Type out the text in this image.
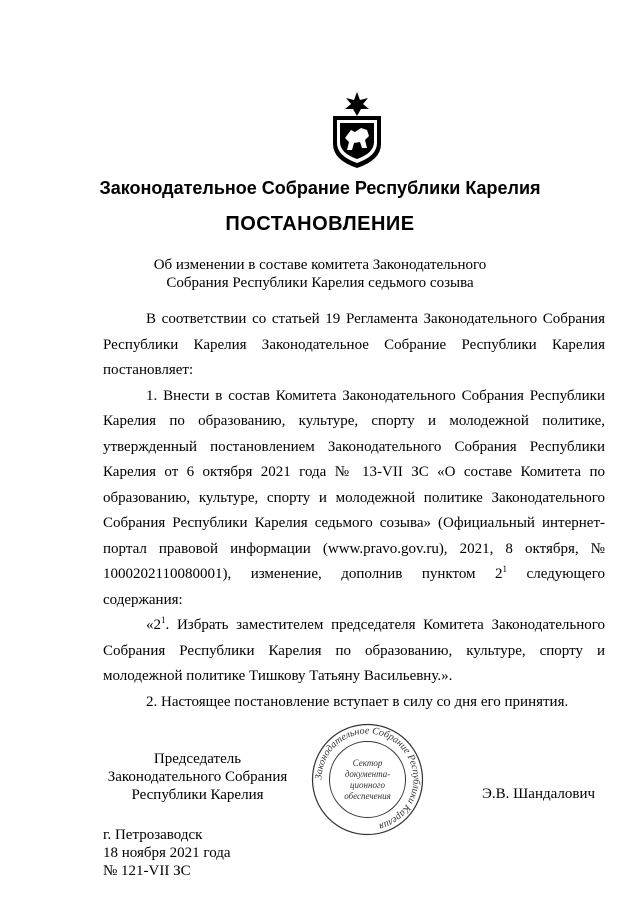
Законодательное Собрание Республики Карелия
ПОСТАНОВЛЕНИЕ
Об изменении в составе комитета Законодательного
Собрания Республики Карелия седьмого созыва

В соответствии со статьей 19 Регламента Законодательного Собрания Республики Карелия Законодательное Собрание Республики Карелия постановляет:

1. Внести в состав Комитета Законодательного Собрания Республики Карелия по образованию, культуре, спорту и молодежной политике, утвержденный постановлением Законодательного Собрания Республики Карелия от 6 октября 2021 года № 13-VII ЗС «О составе Комитета по образованию, культуре, спорту и молодежной политике Законодательного Собрания Республики Карелия седьмого созыва» (Официальный интернет-портал правовой информации (www.pravo.gov.ru), 2021, 8 октября, № 1000202110080001), изменение, дополнив пунктом $2^1$ следующего содержания:

«$2^1$. Избрать заместителем председателя Комитета Законодательного Собрания Республики Карелия по образованию, культуре, спорту и молодежной политике Тишкову Татьяну Васильевну.».

2. Настоящее постановление вступает в силу со дня его принятия.

Председатель
Законодательного Собрания
Республики Карелия
Законодательное Собрание Республики Карелия
Сектор
документа-
ционного
обеспечения	Э.В. Шандалович
г. Петрозаводск
18 ноября 2021 года
№ 121-VII ЗС
